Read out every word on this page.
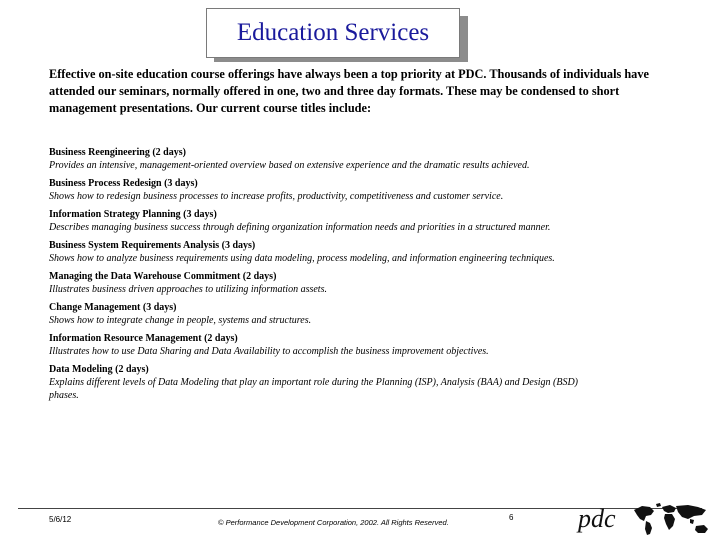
Education Services
Effective on-site education course offerings have always been a top priority at PDC. Thousands of individuals have attended our seminars, normally offered in one, two and three day formats. These may be condensed to short management presentations. Our current course titles include:
Business Reengineering (2 days)
Provides an intensive, management-oriented overview based on extensive experience and the dramatic results achieved.
Business Process Redesign (3 days)
Shows how to redesign business processes to increase profits, productivity, competitiveness and customer service.
Information Strategy Planning (3 days)
Describes managing business success through defining organization information needs and priorities in a structured manner.
Business System Requirements Analysis (3 days)
Shows how to analyze business requirements using data modeling, process modeling, and information engineering techniques.
Managing the Data Warehouse Commitment (2 days)
Illustrates business driven approaches to utilizing information assets.
Change Management (3 days)
Shows how to integrate change in people, systems and structures.
Information Resource Management (2 days)
Illustrates how to use Data Sharing and Data Availability to accomplish the business improvement objectives.
Data Modeling (2 days)
Explains different levels of Data Modeling that play an important role during the Planning (ISP), Analysis (BAA) and Design (BSD) phases.
5/6/12	© Performance Development Corporation, 2002. All Rights Reserved.
6 pdc
